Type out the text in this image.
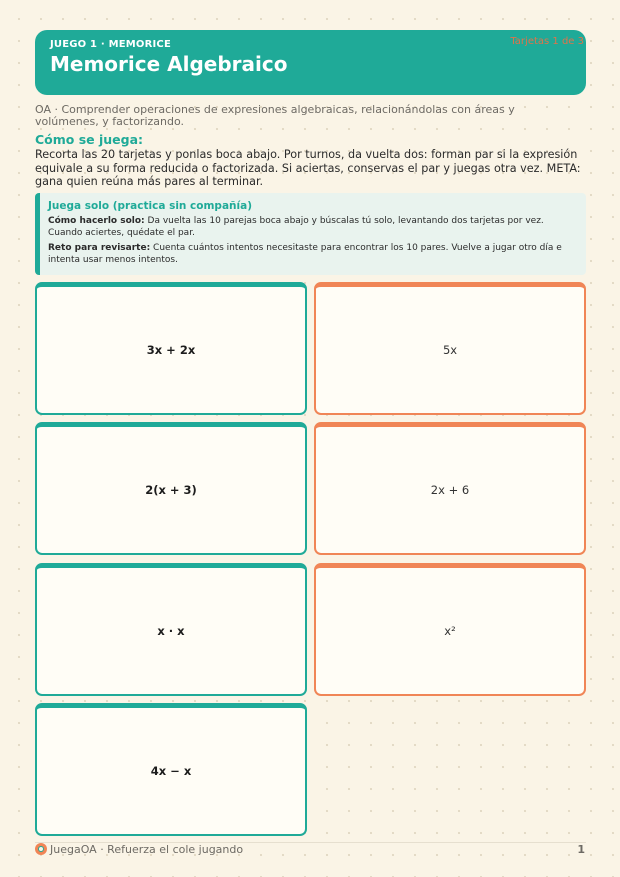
JUEGO 1 · MEMORICE
Memorice Algebraico
Tarjetas 1 de 3
OA · Comprender operaciones de expresiones algebraicas, relacionándolas con áreas y volúmenes, y factorizando.
Cómo se juega:
Recorta las 20 tarjetas y ponlas boca abajo. Por turnos, da vuelta dos: forman par si la expresión equivale a su forma reducida o factorizada. Si aciertas, conservas el par y juegas otra vez. META: gana quien reúna más pares al terminar.
Juega solo (practica sin compañía)

Cómo hacerlo solo: Da vuelta las 10 parejas boca abajo y búscalas tú solo, levantando dos tarjetas por vez. Cuando aciertes, quédate el par.

Reto para revisarte: Cuenta cuántos intentos necesitaste para encontrar los 10 pares. Vuelve a jugar otro día e intenta usar menos intentos.

3x + 2x	5x
2(x + 3)	2x + 6
x · x	x²
4x − x
JuegaOA · Refuerza el cole jugando	1
